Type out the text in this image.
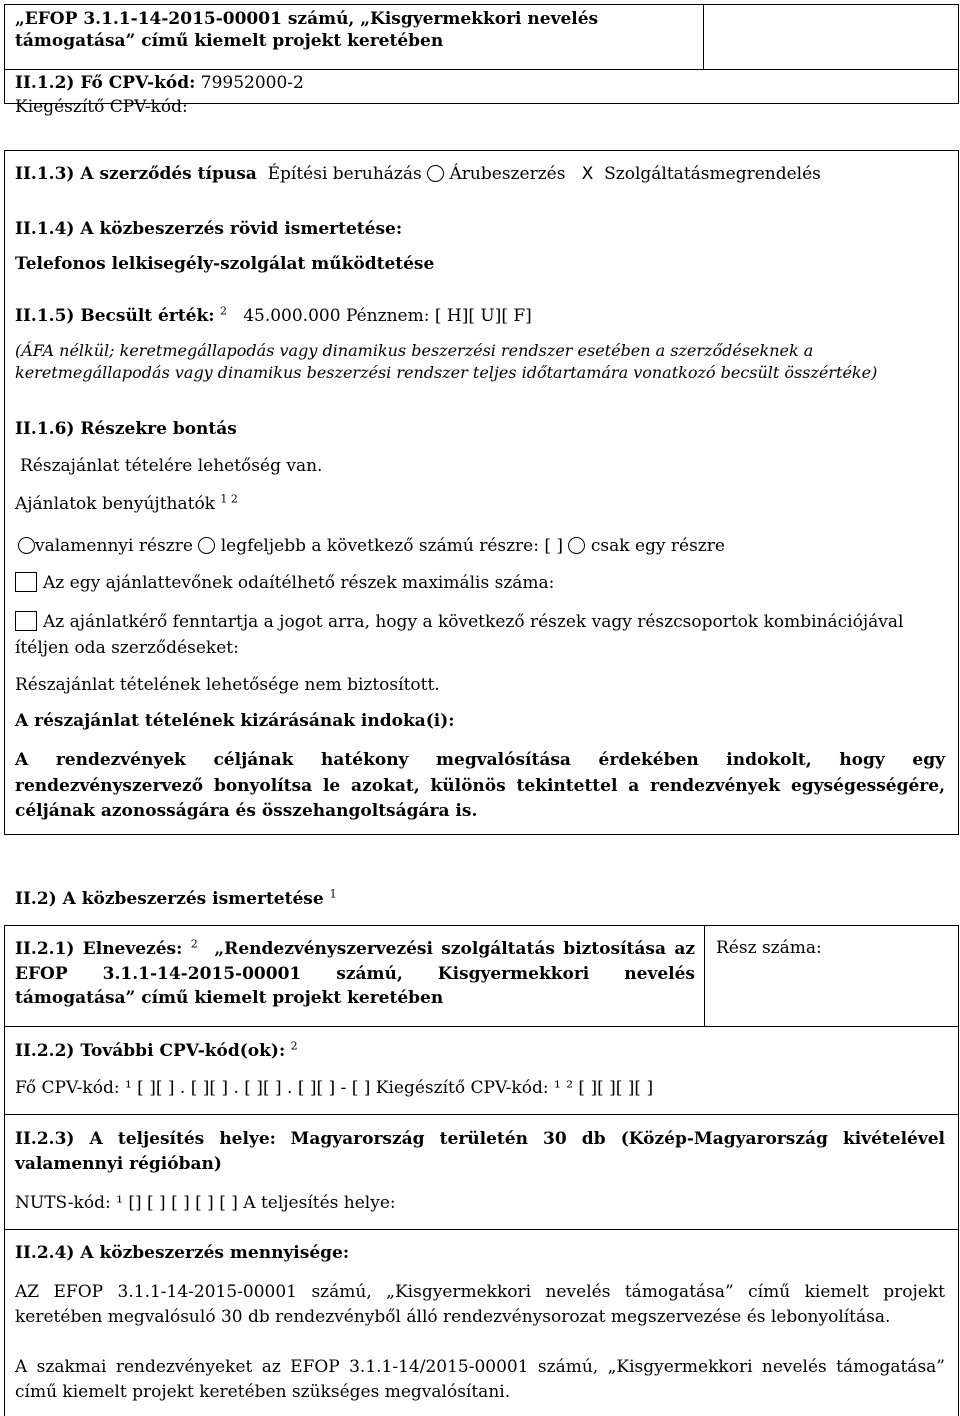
„EFOP 3.1.1-14-2015-00001 számú, „Kisgyermekkori nevelés
támogatása” című kiemelt projekt keretében
II.1.2) Fő CPV-kód: 79952000-2
Kiegészítő CPV-kód:
II.1.3) A szerződés típusa Építési beruházás Árubeszerzés X Szolgáltatásmegrendelés
II.1.4) A közbeszerzés rövid ismertetése:
Telefonos lelkisegély-szolgálat működtetése
II.1.5) Becsült érték: $^2$ 45.000.000 Pénznem: [ H][ U][ F]
(ÁFA nélkül; keretmegállapodás vagy dinamikus beszerzési rendszer esetében a szerződéseknek a keretmegállapodás vagy dinamikus beszerzési rendszer teljes időtartamára vonatkozó becsült összértéke)
II.1.6) Részekre bontás
Részajánlat tételére lehetőség van.
Ajánlatok benyújthatók $^{1 2}$
valamennyi részre legfeljebb a következő számú részre: [ ] csak egy részre
Az egy ajánlattevőnek odaítélhető részek maximális száma:
Az ajánlatkérő fenntartja a jogot arra, hogy a következő részek vagy részcsoportok kombinációjával ítéljen oda szerződéseket:
Részajánlat tételének lehetősége nem biztosított.
A részajánlat tételének kizárásának indoka(i):
A rendezvények céljának hatékony megvalósítása érdekében indokolt, hogy egy rendezvényszervező bonyolítsa le azokat, különös tekintettel a rendezvények egységességére, céljának azonosságára és összehangoltságára is.
II.2) A közbeszerzés ismertetése $^1$
II.2.1) Elnevezés: $^2$ „Rendezvényszervezési szolgáltatás biztosítása az EFOP 3.1.1-14-2015-00001 számú, Kisgyermekkori nevelés támogatása” című kiemelt projekt keretében
Rész száma:
II.2.2) További CPV-kód(ok): $^2$
Fő CPV-kód: ¹ [ ][ ] . [ ][ ] . [ ][ ] . [ ][ ] - [ ] Kiegészítő CPV-kód: ¹ ² [ ][ ][ ][ ]
II.2.3) A teljesítés helye: Magyarország területén 30 db (Közép-Magyarország kivételével valamennyi régióban)
NUTS-kód: ¹ [] [ ] [ ] [ ] [ ] A teljesítés helye:
II.2.4) A közbeszerzés mennyisége:
AZ EFOP 3.1.1-14-2015-00001 számú, „Kisgyermekkori nevelés támogatása” című kiemelt projekt keretében megvalósuló 30 db rendezvényből álló rendezvénysorozat megszervezése és lebonyolítása.
A szakmai rendezvényeket az EFOP 3.1.1-14/2015-00001 számú, „Kisgyermekkori nevelés támogatása” című kiemelt projekt keretében szükséges megvalósítani.
